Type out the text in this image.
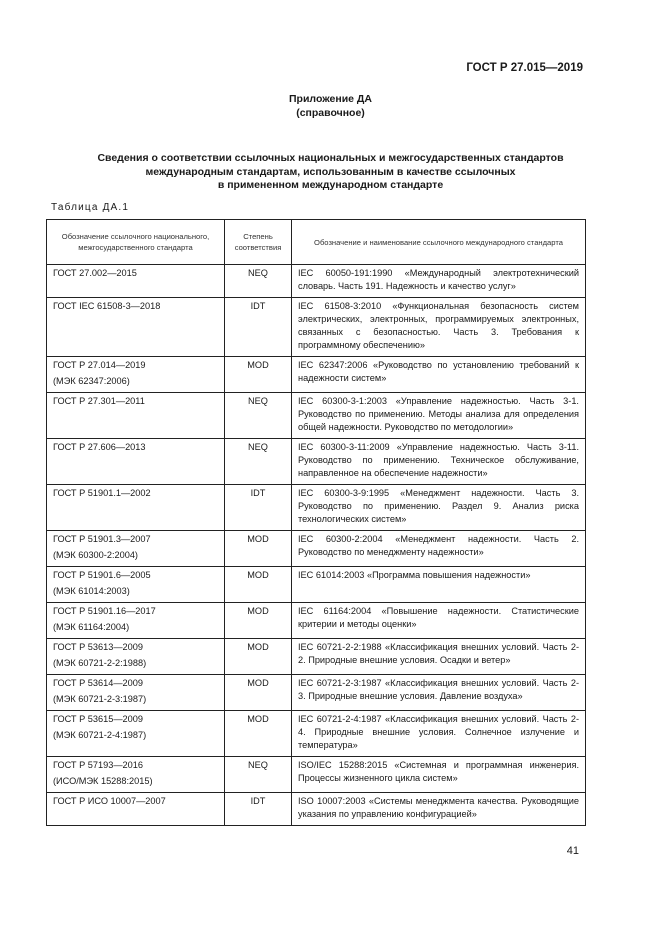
ГОСТ Р 27.015—2019
Приложение ДА
(справочное)
Сведения о соответствии ссылочных национальных и межгосударственных стандартов
международным стандартам, использованным в качестве ссылочных
в примененном международном стандарте
Таблица ДА.1
Обозначение ссылочного национального, межгосударственного стандарта	Степень соответствия	Обозначение и наименование ссылочного международного стандарта

ГОСТ 27.002—2015	NEQ	IEC 60050-191:1990 «Международный электротехнический словарь. Часть 191. Надежность и качество услуг»

ГОСТ IEC 61508-3—2018	IDT	IEC 61508-3:2010 «Функциональная безопасность систем электрических, электронных, программируемых электронных, связанных с безопасностью. Часть 3. Требования к программному обеспечению»

ГОСТ Р 27.014—2019
(МЭК 62347:2006)	MOD	IEC 62347:2006 «Руководство по установлению требований к надежности систем»

ГОСТ Р 27.301—2011	NEQ	IEC 60300-3-1:2003 «Управление надежностью. Часть 3-1. Руководство по применению. Методы анализа для определения общей надежности. Руководство по методологии»

ГОСТ Р 27.606—2013	NEQ	IEC 60300-3-11:2009 «Управление надежностью. Часть 3-11. Руководство по применению. Техническое обслуживание, направленное на обеспечение надежности»

ГОСТ Р 51901.1—2002	IDT	IEC 60300-3-9:1995 «Менеджмент надежности. Часть 3. Руководство по применению. Раздел 9. Анализ риска технологических систем»

ГОСТ Р 51901.3—2007
(МЭК 60300-2:2004)	MOD	IEC 60300-2:2004 «Менеджмент надежности. Часть 2. Руководство по менеджменту надежности»

ГОСТ Р 51901.6—2005
(МЭК 61014:2003)	MOD	IEC 61014:2003 «Программа повышения надежности»

ГОСТ Р 51901.16—2017
(МЭК 61164:2004)	MOD	IEC 61164:2004 «Повышение надежности. Статистические критерии и методы оценки»

ГОСТ Р 53613—2009
(МЭК 60721-2-2:1988)	MOD	IEC 60721-2-2:1988 «Классификация внешних условий. Часть 2-2. Природные внешние условия. Осадки и ветер»

ГОСТ Р 53614—2009
(МЭК 60721-2-3:1987)	MOD	IEC 60721-2-3:1987 «Классификация внешних условий. Часть 2-3. Природные внешние условия. Давление воздуха»

ГОСТ Р 53615—2009
(МЭК 60721-2-4:1987)	MOD	IEC 60721-2-4:1987 «Классификация внешних условий. Часть 2-4. Природные внешние условия. Солнечное излучение и температура»

ГОСТ Р 57193—2016
(ИСО/МЭК 15288:2015)	NEQ	ISO/IEC 15288:2015 «Системная и программная инженерия. Процессы жизненного цикла систем»

ГОСТ Р ИСО 10007—2007	IDT	ISO 10007:2003 «Системы менеджмента качества. Руководящие указания по управлению конфигурацией»
41
